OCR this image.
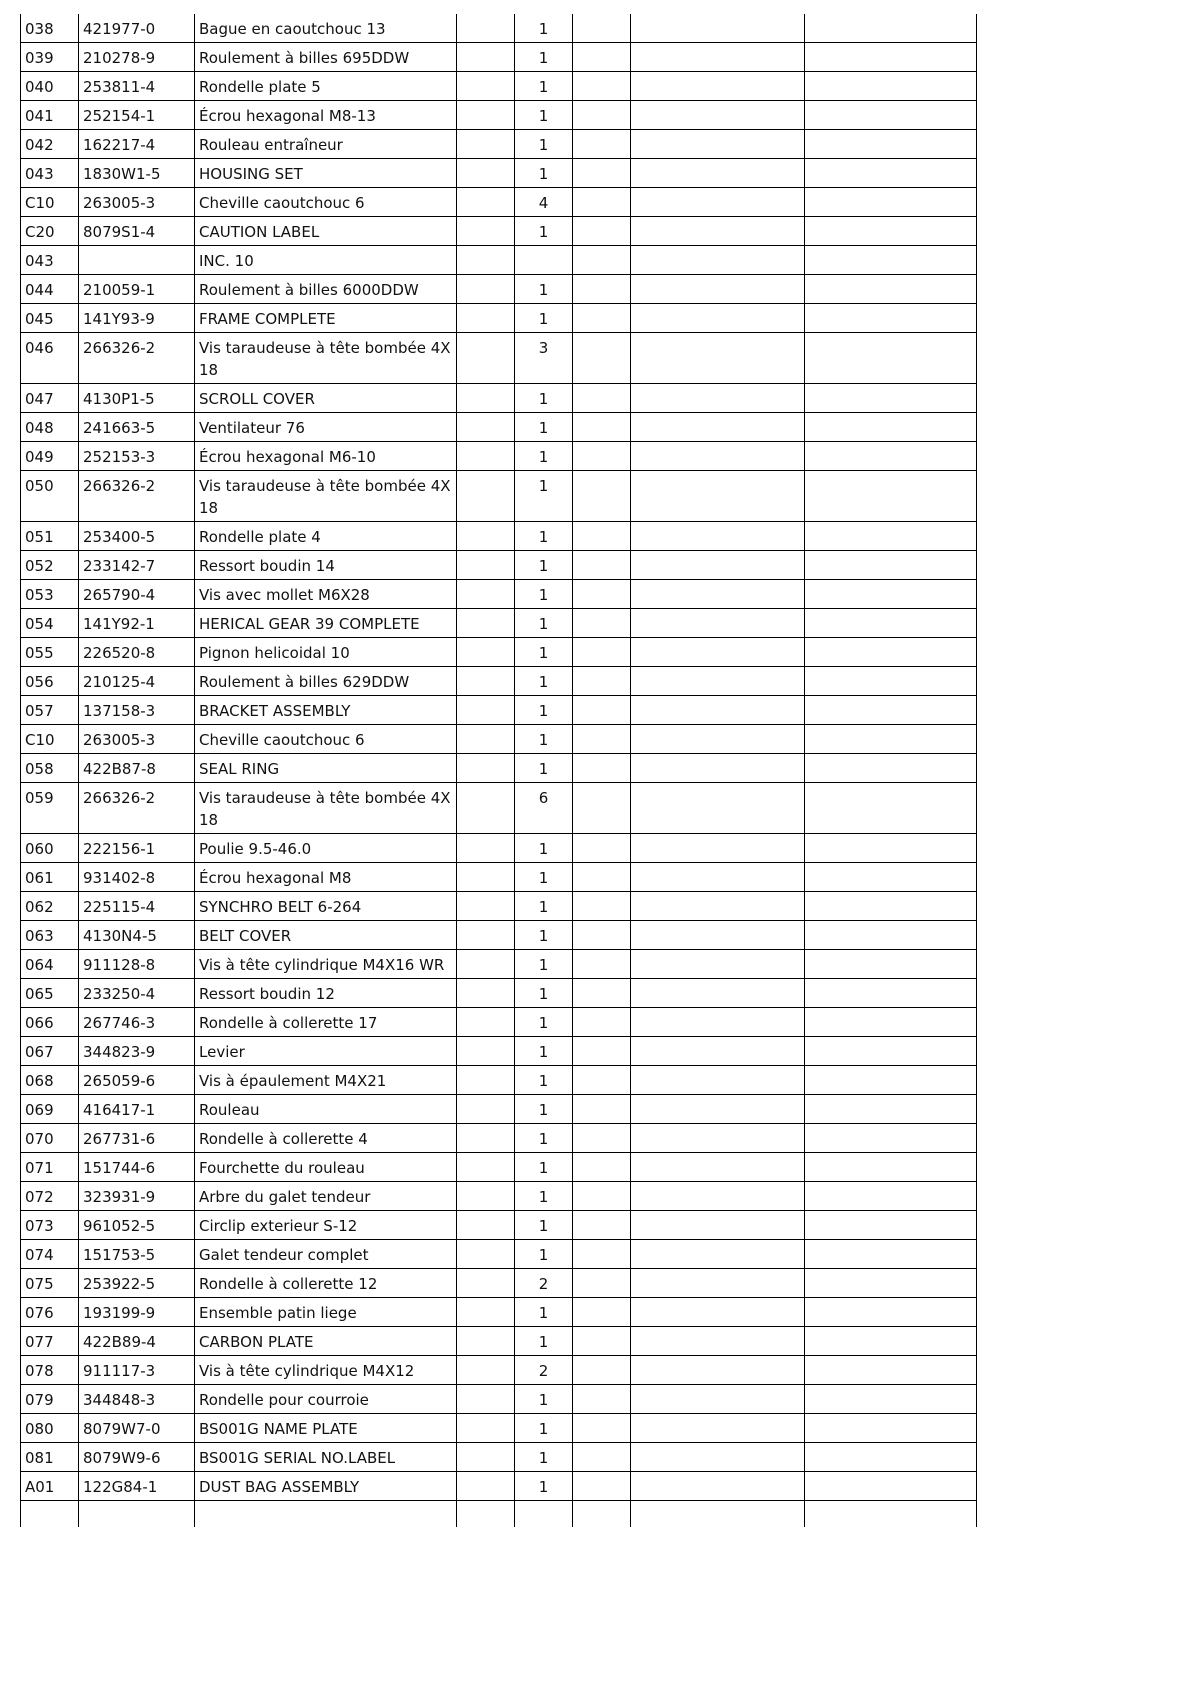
038	421977-0	Bague en caoutchouc 13		1			
039	210278-9	Roulement à billes 695DDW		1			
040	253811-4	Rondelle plate 5		1			
041	252154-1	Écrou hexagonal M8-13		1			
042	162217-4	Rouleau entraîneur		1			
043	1830W1-5	HOUSING SET		1			
C10	263005-3	Cheville caoutchouc 6		4			
C20	8079S1-4	CAUTION LABEL		1			
043		INC. 10					
044	210059-1	Roulement à billes 6000DDW		1			
045	141Y93-9	FRAME COMPLETE		1			
046	266326-2	Vis taraudeuse à tête bombée 4X 18		3			
047	4130P1-5	SCROLL COVER		1			
048	241663-5	Ventilateur 76		1			
049	252153-3	Écrou hexagonal M6-10		1			
050	266326-2	Vis taraudeuse à tête bombée 4X 18		1			
051	253400-5	Rondelle plate 4		1			
052	233142-7	Ressort boudin 14		1			
053	265790-4	Vis avec mollet M6X28		1			
054	141Y92-1	HERICAL GEAR 39 COMPLETE		1			
055	226520-8	Pignon helicoidal 10		1			
056	210125-4	Roulement à billes 629DDW		1			
057	137158-3	BRACKET ASSEMBLY		1			
C10	263005-3	Cheville caoutchouc 6		1			
058	422B87-8	SEAL RING		1			
059	266326-2	Vis taraudeuse à tête bombée 4X 18		6			
060	222156-1	Poulie 9.5-46.0		1			
061	931402-8	Écrou hexagonal M8		1			
062	225115-4	SYNCHRO BELT 6-264		1			
063	4130N4-5	BELT COVER		1			
064	911128-8	Vis à tête cylindrique M4X16 WR		1			
065	233250-4	Ressort boudin 12		1			
066	267746-3	Rondelle à collerette 17		1			
067	344823-9	Levier		1			
068	265059-6	Vis à épaulement M4X21		1			
069	416417-1	Rouleau		1			
070	267731-6	Rondelle à collerette 4		1			
071	151744-6	Fourchette du rouleau		1			
072	323931-9	Arbre du galet tendeur		1			
073	961052-5	Circlip exterieur S-12		1			
074	151753-5	Galet tendeur complet		1			
075	253922-5	Rondelle à collerette 12		2			
076	193199-9	Ensemble patin liege		1			
077	422B89-4	CARBON PLATE		1			
078	911117-3	Vis à tête cylindrique M4X12		2			
079	344848-3	Rondelle pour courroie		1			
080	8079W7-0	BS001G NAME PLATE		1			
081	8079W9-6	BS001G SERIAL NO.LABEL		1			
A01	122G84-1	DUST BAG ASSEMBLY		1			
